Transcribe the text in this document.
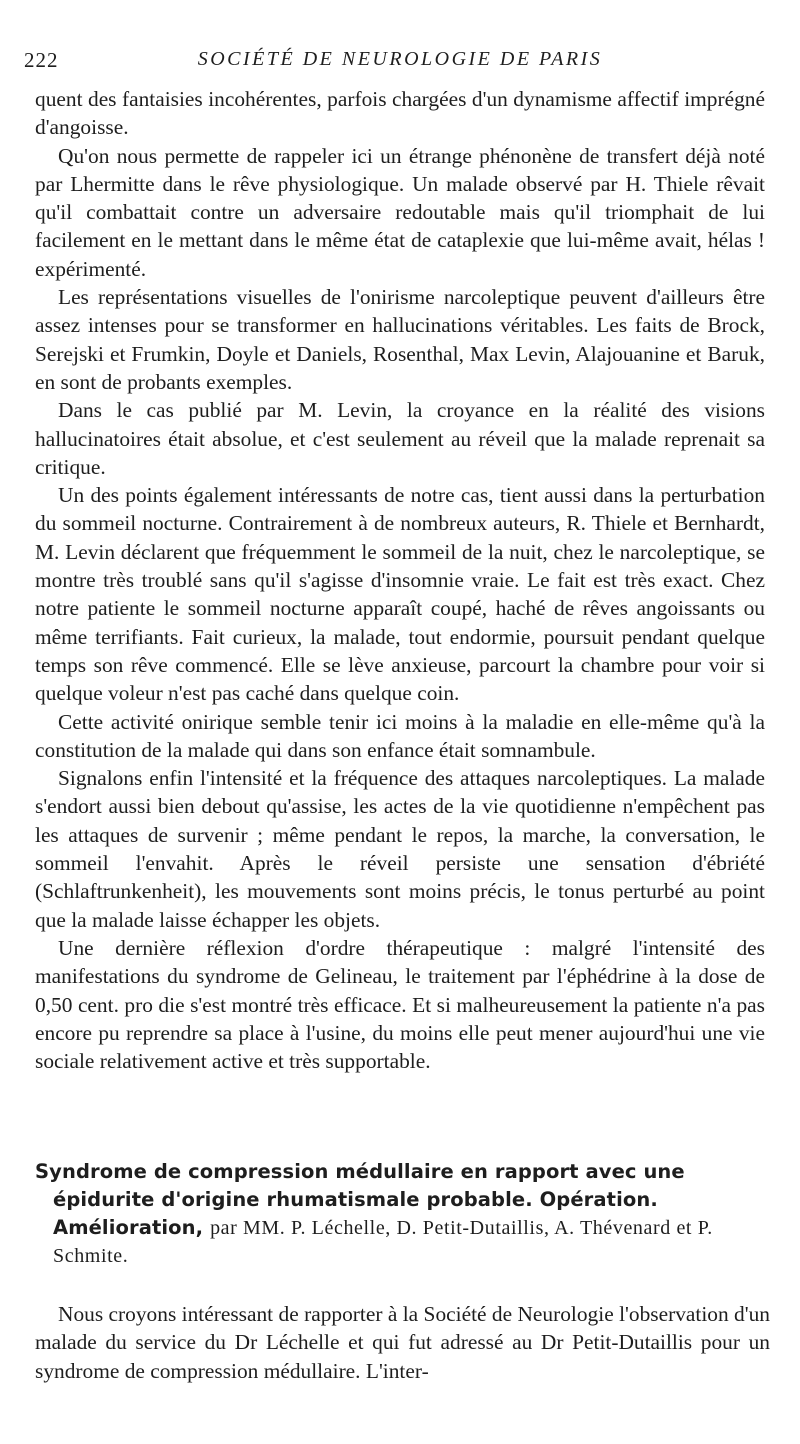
222	SOCIÉTÉ DE NEUROLOGIE DE PARIS

quent des fantaisies incohérentes, parfois chargées d'un dynamisme affectif imprégné d'angoisse.

Qu'on nous permette de rappeler ici un étrange phénonène de transfert déjà noté par Lhermitte dans le rêve physiologique. Un malade observé par H. Thiele rêvait qu'il combattait contre un adversaire redoutable mais qu'il triomphait de lui facilement en le mettant dans le même état de cataplexie que lui-même avait, hélas ! expérimenté.

Les représentations visuelles de l'onirisme narcoleptique peuvent d'ailleurs être assez intenses pour se transformer en hallucinations véritables. Les faits de Brock, Serejski et Frumkin, Doyle et Daniels, Rosenthal, Max Levin, Alajouanine et Baruk, en sont de probants exemples.

Dans le cas publié par M. Levin, la croyance en la réalité des visions hallucinatoires était absolue, et c'est seulement au réveil que la malade reprenait sa critique.

Un des points également intéressants de notre cas, tient aussi dans la perturbation du sommeil nocturne. Contrairement à de nombreux auteurs, R. Thiele et Bernhardt, M. Levin déclarent que fréquemment le sommeil de la nuit, chez le narcoleptique, se montre très troublé sans qu'il s'agisse d'insomnie vraie. Le fait est très exact. Chez notre patiente le sommeil nocturne apparaît coupé, haché de rêves angoissants ou même terrifiants. Fait curieux, la malade, tout endormie, poursuit pendant quelque temps son rêve commencé. Elle se lève anxieuse, parcourt la chambre pour voir si quelque voleur n'est pas caché dans quelque coin.

Cette activité onirique semble tenir ici moins à la maladie en elle-même qu'à la constitution de la malade qui dans son enfance était somnambule.

Signalons enfin l'intensité et la fréquence des attaques narcoleptiques. La malade s'endort aussi bien debout qu'assise, les actes de la vie quotidienne n'empêchent pas les attaques de survenir ; même pendant le repos, la marche, la conversation, le sommeil l'envahit. Après le réveil persiste une sensation d'ébriété (Schlaftrunkenheit), les mouvements sont moins précis, le tonus perturbé au point que la malade laisse échapper les objets.

Une dernière réflexion d'ordre thérapeutique : malgré l'intensité des manifestations du syndrome de Gelineau, le traitement par l'éphédrine à la dose de 0,50 cent. pro die s'est montré très efficace. Et si malheureusement la patiente n'a pas encore pu reprendre sa place à l'usine, du moins elle peut mener aujourd'hui une vie sociale relativement active et très supportable.

Syndrome de compression médullaire en rapport avec une épidurite d'origine rhumatismale probable. Opération. Amélioration, par MM. P. Léchelle, D. Petit-Dutaillis, A. Thévenard et P. Schmite.

Nous croyons intéressant de rapporter à la Société de Neurologie l'observation d'un malade du service du Dr Léchelle et qui fut adressé au Dr Petit-Dutaillis pour un syndrome de compression médullaire. L'inter-
